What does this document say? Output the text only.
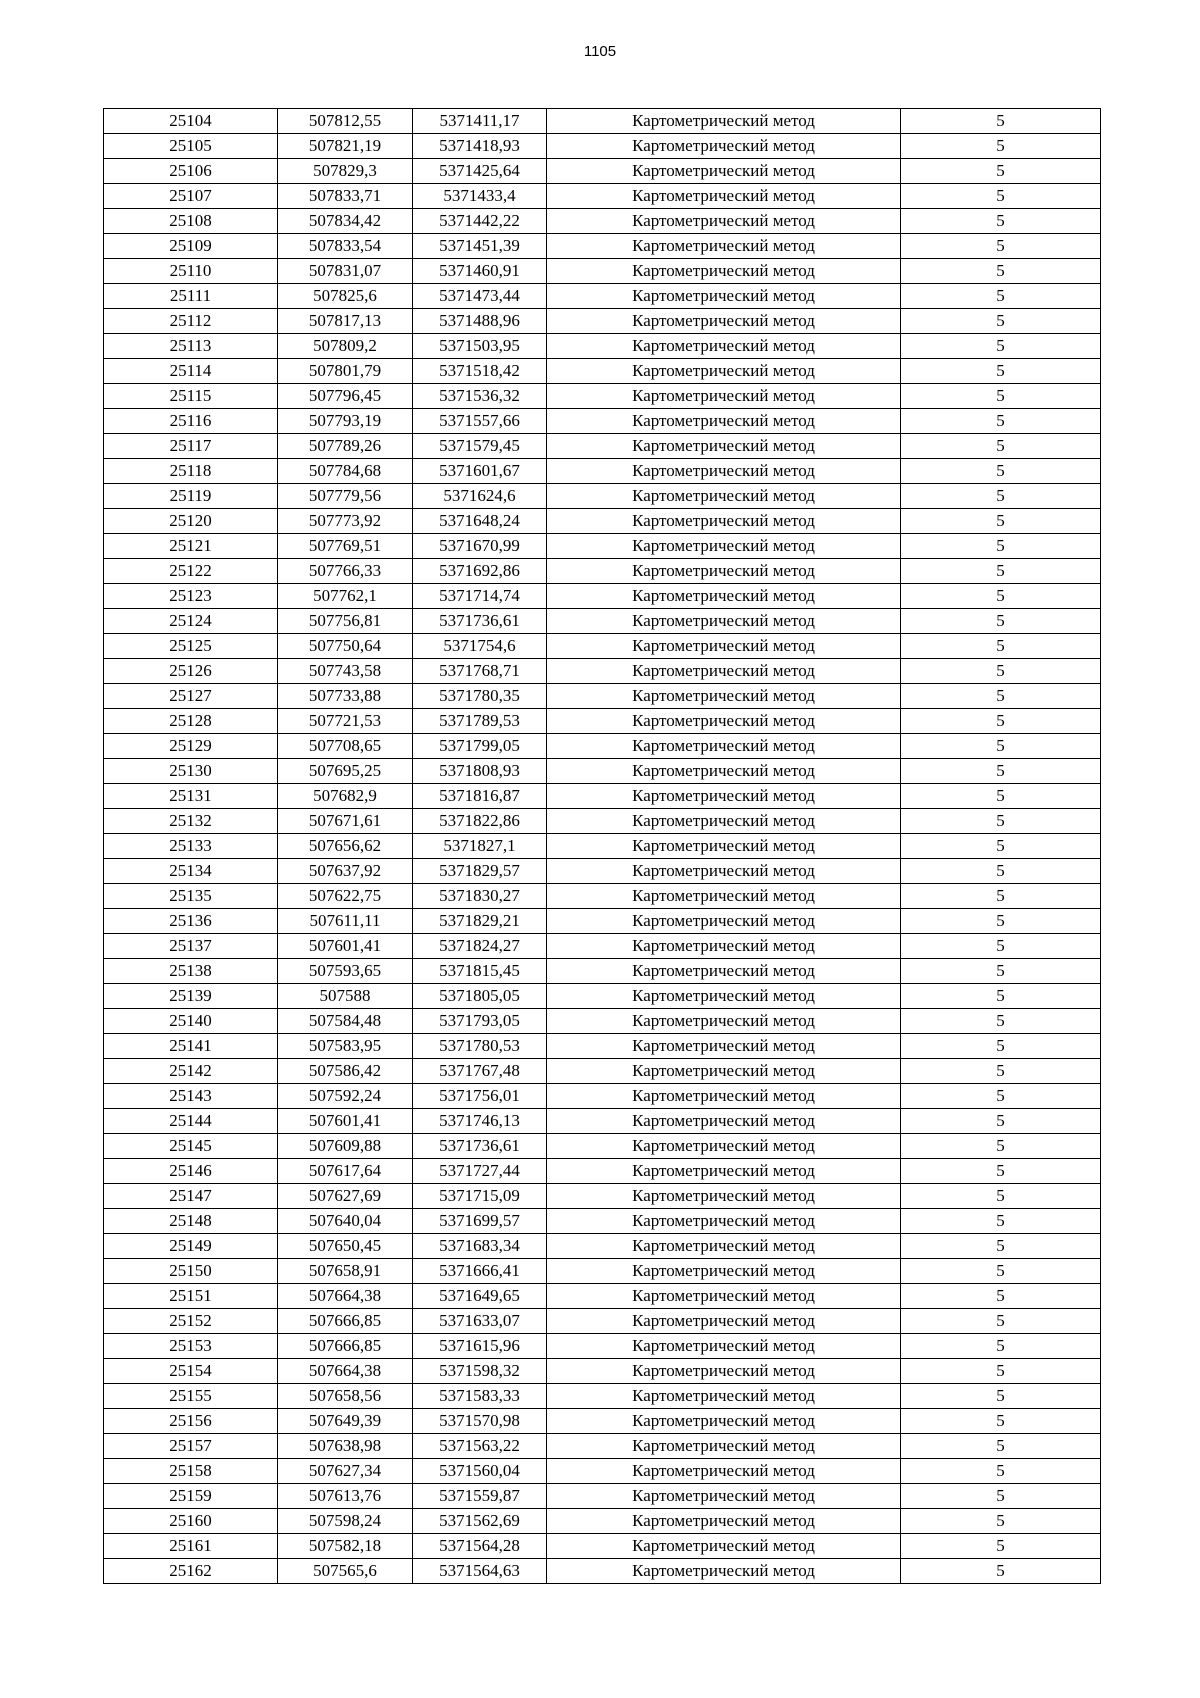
1105
25104	507812,55	5371411,17	Картометрический метод	5
25105	507821,19	5371418,93	Картометрический метод	5
25106	507829,3	5371425,64	Картометрический метод	5
25107	507833,71	5371433,4	Картометрический метод	5
25108	507834,42	5371442,22	Картометрический метод	5
25109	507833,54	5371451,39	Картометрический метод	5
25110	507831,07	5371460,91	Картометрический метод	5
25111	507825,6	5371473,44	Картометрический метод	5
25112	507817,13	5371488,96	Картометрический метод	5
25113	507809,2	5371503,95	Картометрический метод	5
25114	507801,79	5371518,42	Картометрический метод	5
25115	507796,45	5371536,32	Картометрический метод	5
25116	507793,19	5371557,66	Картометрический метод	5
25117	507789,26	5371579,45	Картометрический метод	5
25118	507784,68	5371601,67	Картометрический метод	5
25119	507779,56	5371624,6	Картометрический метод	5
25120	507773,92	5371648,24	Картометрический метод	5
25121	507769,51	5371670,99	Картометрический метод	5
25122	507766,33	5371692,86	Картометрический метод	5
25123	507762,1	5371714,74	Картометрический метод	5
25124	507756,81	5371736,61	Картометрический метод	5
25125	507750,64	5371754,6	Картометрический метод	5
25126	507743,58	5371768,71	Картометрический метод	5
25127	507733,88	5371780,35	Картометрический метод	5
25128	507721,53	5371789,53	Картометрический метод	5
25129	507708,65	5371799,05	Картометрический метод	5
25130	507695,25	5371808,93	Картометрический метод	5
25131	507682,9	5371816,87	Картометрический метод	5
25132	507671,61	5371822,86	Картометрический метод	5
25133	507656,62	5371827,1	Картометрический метод	5
25134	507637,92	5371829,57	Картометрический метод	5
25135	507622,75	5371830,27	Картометрический метод	5
25136	507611,11	5371829,21	Картометрический метод	5
25137	507601,41	5371824,27	Картометрический метод	5
25138	507593,65	5371815,45	Картометрический метод	5
25139	507588	5371805,05	Картометрический метод	5
25140	507584,48	5371793,05	Картометрический метод	5
25141	507583,95	5371780,53	Картометрический метод	5
25142	507586,42	5371767,48	Картометрический метод	5
25143	507592,24	5371756,01	Картометрический метод	5
25144	507601,41	5371746,13	Картометрический метод	5
25145	507609,88	5371736,61	Картометрический метод	5
25146	507617,64	5371727,44	Картометрический метод	5
25147	507627,69	5371715,09	Картометрический метод	5
25148	507640,04	5371699,57	Картометрический метод	5
25149	507650,45	5371683,34	Картометрический метод	5
25150	507658,91	5371666,41	Картометрический метод	5
25151	507664,38	5371649,65	Картометрический метод	5
25152	507666,85	5371633,07	Картометрический метод	5
25153	507666,85	5371615,96	Картометрический метод	5
25154	507664,38	5371598,32	Картометрический метод	5
25155	507658,56	5371583,33	Картометрический метод	5
25156	507649,39	5371570,98	Картометрический метод	5
25157	507638,98	5371563,22	Картометрический метод	5
25158	507627,34	5371560,04	Картометрический метод	5
25159	507613,76	5371559,87	Картометрический метод	5
25160	507598,24	5371562,69	Картометрический метод	5
25161	507582,18	5371564,28	Картометрический метод	5
25162	507565,6	5371564,63	Картометрический метод	5
